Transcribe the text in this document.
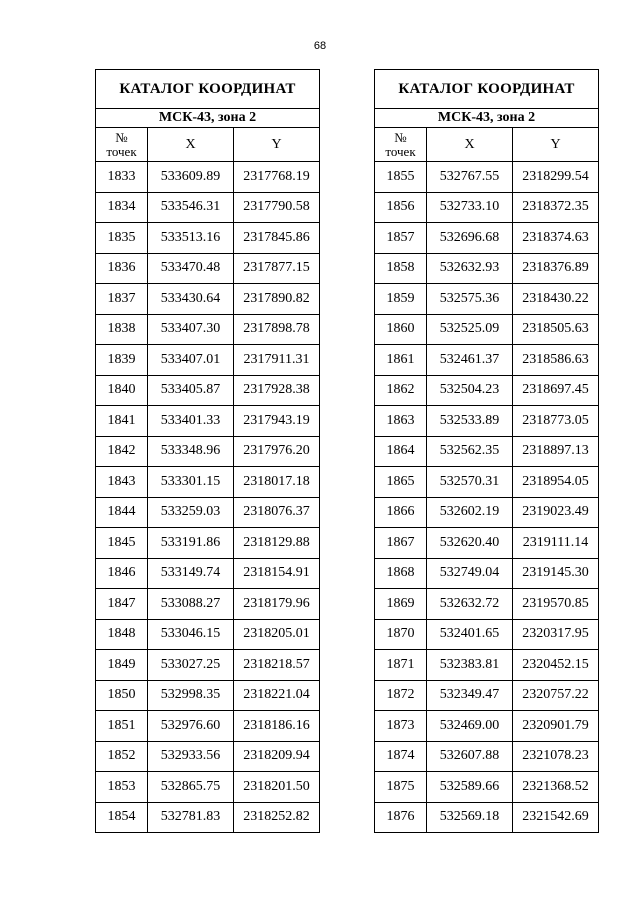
68
КАТАЛОГ КООРДИНАТ		
МСК-43, зона 2		

№
точек	X	Y
1833	533609.89	2317768.19
1834	533546.31	2317790.58
1835	533513.16	2317845.86
1836	533470.48	2317877.15
1837	533430.64	2317890.82
1838	533407.30	2317898.78
1839	533407.01	2317911.31
1840	533405.87	2317928.38
1841	533401.33	2317943.19
1842	533348.96	2317976.20
1843	533301.15	2318017.18
1844	533259.03	2318076.37
1845	533191.86	2318129.88
1846	533149.74	2318154.91
1847	533088.27	2318179.96
1848	533046.15	2318205.01
1849	533027.25	2318218.57
1850	532998.35	2318221.04
1851	532976.60	2318186.16
1852	532933.56	2318209.94
1853	532865.75	2318201.50
1854	532781.83	2318252.82
КАТАЛОГ КООРДИНАТ		
МСК-43, зона 2		

№
точек	X	Y
1855	532767.55	2318299.54
1856	532733.10	2318372.35
1857	532696.68	2318374.63
1858	532632.93	2318376.89
1859	532575.36	2318430.22
1860	532525.09	2318505.63
1861	532461.37	2318586.63
1862	532504.23	2318697.45
1863	532533.89	2318773.05
1864	532562.35	2318897.13
1865	532570.31	2318954.05
1866	532602.19	2319023.49
1867	532620.40	2319111.14
1868	532749.04	2319145.30
1869	532632.72	2319570.85
1870	532401.65	2320317.95
1871	532383.81	2320452.15
1872	532349.47	2320757.22
1873	532469.00	2320901.79
1874	532607.88	2321078.23
1875	532589.66	2321368.52
1876	532569.18	2321542.69
